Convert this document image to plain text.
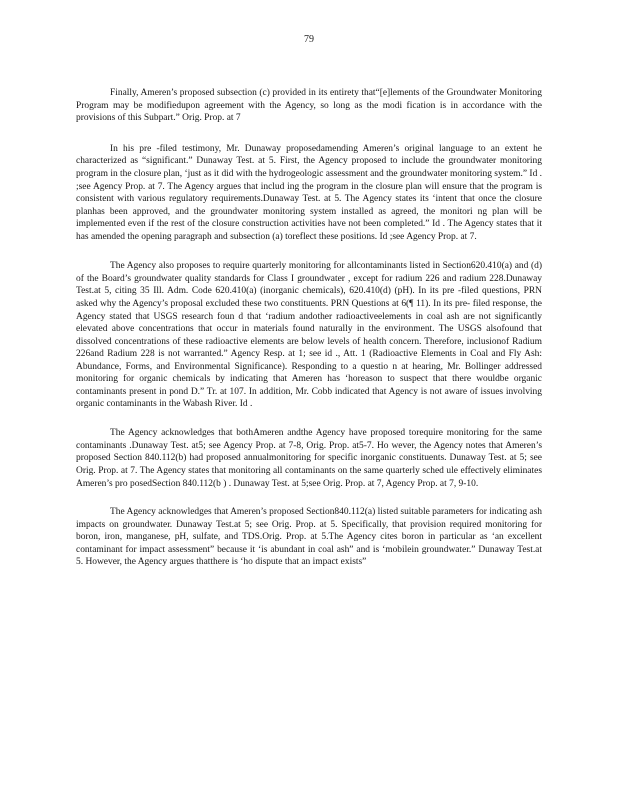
79

Finally, Ameren’s proposed subsection (c) provided in its entirety that“[e]lements of the Groundwater Monitoring Program may be modifiedupon agreement with the Agency, so long as the modi fication is in accordance with the provisions of this Subpart.” Orig. Prop. at 7

In his pre -filed testimony, Mr. Dunaway proposedamending Ameren’s original language to an extent he characterized as “significant.” Dunaway Test. at 5. First, the Agency proposed to include the groundwater monitoring program in the closure plan, ‘just as it did with the hydrogeologic assessment and the groundwater monitoring system.” Id . ;see Agency Prop. at 7. The Agency argues that includ ing the program in the closure plan will ensure that the program is consistent with various regulatory requirements.Dunaway Test. at 5. The Agency states its ‘intent that once the closure planhas been approved, and the groundwater monitoring system installed as agreed, the monitori ng plan will be implemented even if the rest of the closure construction activities have not been completed.” Id . The Agency states that it has amended the opening paragraph and subsection (a) toreflect these positions. Id ;see Agency Prop. at 7.

The Agency also proposes to require quarterly monitoring for allcontaminants listed in Section620.410(a) and (d) of the Board’s groundwater quality standards for Class I groundwater , except for radium 226 and radium 228.Dunaway Test.at 5, citing 35 Ill. Adm. Code 620.410(a) (inorganic chemicals), 620.410(d) (pH). In its pre -filed questions, PRN asked why the Agency’s proposal excluded these two constituents. PRN Questions at 6(¶ 11). In its pre- filed response, the Agency stated that USGS research foun d that ‘radium andother radioactiveelements in coal ash are not significantly elevated above concentrations that occur in materials found naturally in the environment. The USGS alsofound that dissolved concentrations of these radioactive elements are below levels of health concern. Therefore, inclusionof Radium 226and Radium 228 is not warranted.” Agency Resp. at 1; see id ., Att. 1 (Radioactive Elements in Coal and Fly Ash: Abundance, Forms, and Environmental Significance). Responding to a questio n at hearing, Mr. Bollinger addressed monitoring for organic chemicals by indicating that Ameren has ‘horeason to suspect that there wouldbe organic contaminants present in pond D.” Tr. at 107. In addition, Mr. Cobb indicated that Agency is not aware of issues involving organic contaminants in the Wabash River. Id .

The Agency acknowledges that bothAmeren andthe Agency have proposed torequire monitoring for the same contaminants .Dunaway Test. at5; see Agency Prop. at 7-8, Orig. Prop. at5-7. Ho wever, the Agency notes that Ameren’s proposed Section 840.112(b) had proposed annualmonitoring for specific inorganic constituents. Dunaway Test. at 5; see Orig. Prop. at 7. The Agency states that monitoring all contaminants on the same quarterly sched ule effectively eliminates Ameren’s pro posedSection 840.112(b ) . Dunaway Test. at 5;see Orig. Prop. at 7, Agency Prop. at 7, 9-10.

The Agency acknowledges that Ameren’s proposed Section840.112(a) listed suitable parameters for indicating ash impacts on groundwater. Dunaway Test.at 5; see Orig. Prop. at 5. Specifically, that provision required monitoring for boron, iron, manganese, pH, sulfate, and TDS.Orig. Prop. at 5.The Agency cites boron in particular as ‘an excellent contaminant for impact assessment” because it ‘is abundant in coal ash” and is ‘mobilein groundwater.” Dunaway Test.at 5. However, the Agency argues thatthere is ‘ho dispute that an impact exists”
